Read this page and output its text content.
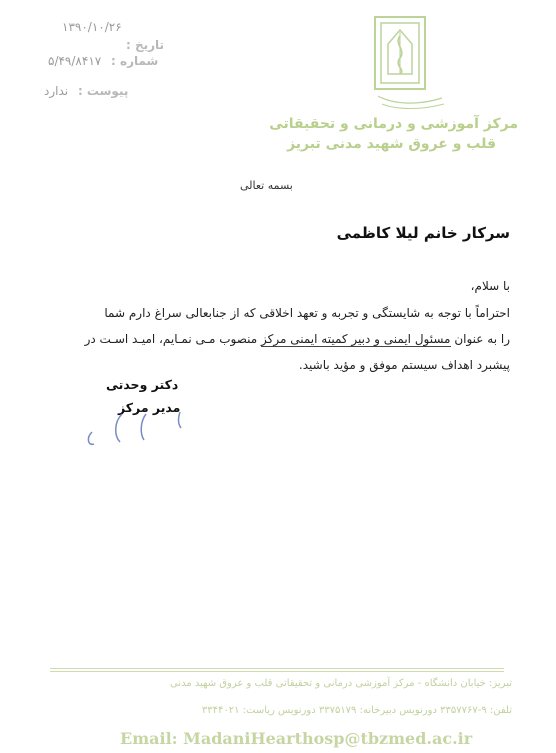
۱۳۹۰/۱۰/۲۶
تاریخ :
شماره : ۵/۴۹/۸۴۱۷
پیوست : ندارد
مرکز آموزشی و درمانی و تحقیقاتی
قلب و عروق شهید مدنی تبریز
بسمه تعالی
سرکار خانم لیلا کاظمی
با سلام،
احتراماً با توجه به شایستگی و تجربه و تعهد اخلاقی که از جنابعالی سراغ دارم شما
را به عنوان مسئول ایمنی و دبیر کمیته ایمنی مرکز منصوب مـی نمـایم، امیـد اسـت در
پیشبرد اهداف سیستم موفق و مؤید باشید.
دکتر وحدتی
مدیر مرکز
تبریز: خیابان دانشگاه - مرکز آموزشی درمانی و تحقیقاتی قلب و عروق شهید مدنی
تلفن: ۹-۳۳۵۷۷۶۷ دورنویس دبیرخانه: ۳۳۷۵۱۷۹ دورنویس ریاست: ۳۳۴۴۰۲۱
Email: MadaniHearthosp@tbzmed.ac.ir
